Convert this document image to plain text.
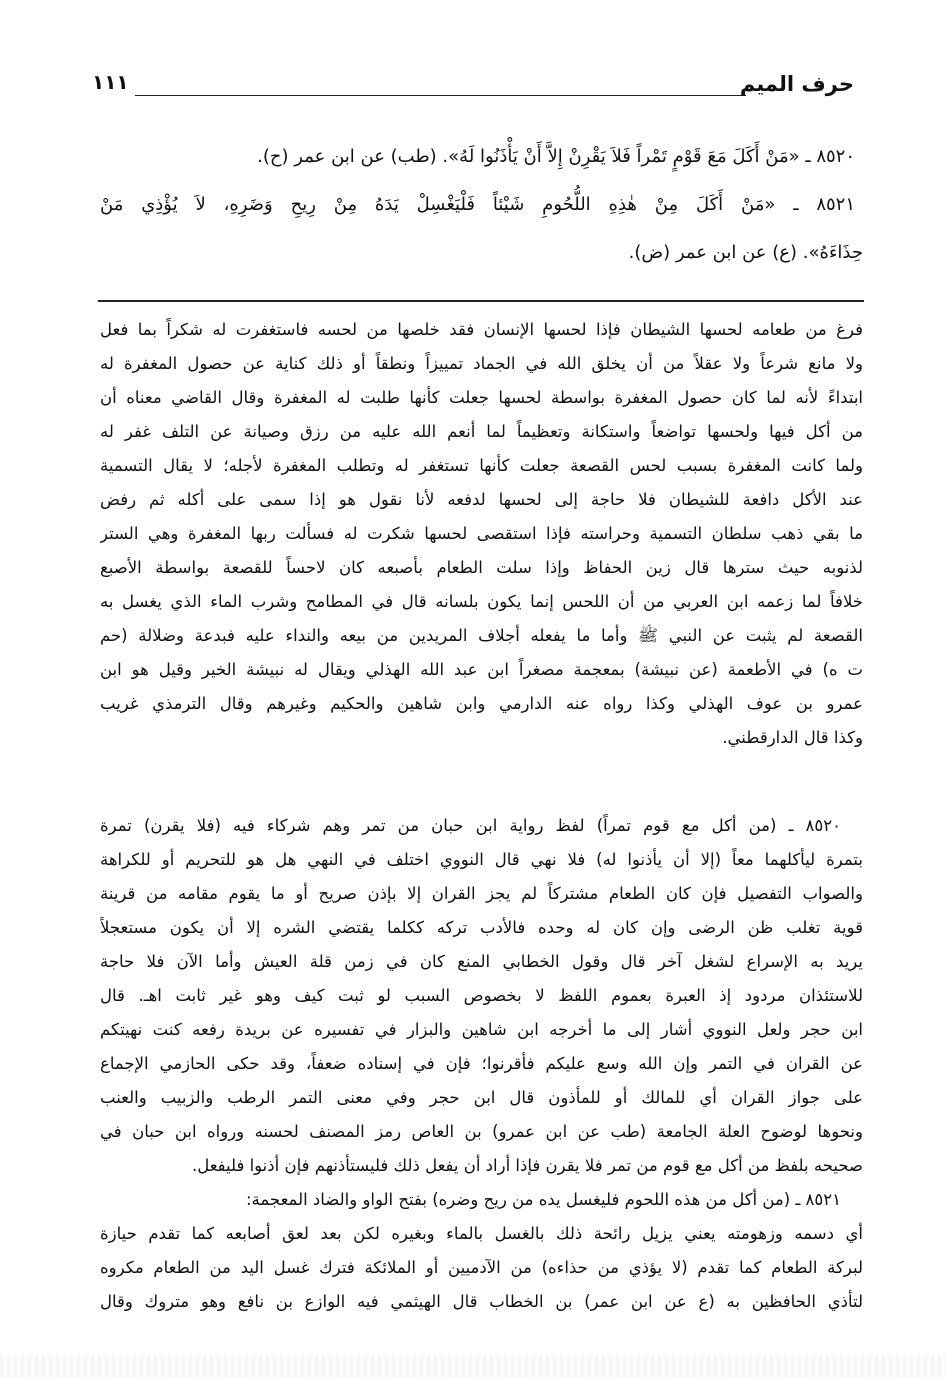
حرف الميم
١١١
٨٥٢٠ ـ «مَنْ أَكَلَ مَعَ قَوْمٍ تَمْراً فَلاَ يَقْرِنْ إِلاَّ أَنْ يَأْذَنُوا لَهُ». (طب) عن ابن عمر (ح).
٨٥٢١ ـ «مَنْ أَكَلَ مِنْ هٰذِهِ اللُّحُومِ شَيْئاً فَلْيَغْسِلْ يَدَهُ مِنْ رِيحِ وَضَرِهِ، لاَ يُؤْذِي مَنْ
حِذَاءَهُ». (ع) عن ابن عمر (ض).
فرغ من طعامه لحسها الشيطان فإذا لحسها الإنسان فقد خلصها من لحسه فاستغفرت له شكراً بما فعل
ولا مانع شرعاً ولا عقلاً من أن يخلق الله في الجماد تمييزاً ونطقاً أو ذلك كناية عن حصول المغفرة له
ابتداءً لأنه لما كان حصول المغفرة بواسطة لحسها جعلت كأنها طلبت له المغفرة وقال القاضي معناه أن
من أكل فيها ولحسها تواضعاً واستكانة وتعظيماً لما أنعم الله عليه من رزق وصيانة عن التلف غفر له
ولما كانت المغفرة بسبب لحس القصعة جعلت كأنها تستغفر له وتطلب المغفرة لأجله؛ لا يقال التسمية
عند الأكل دافعة للشيطان فلا حاجة إلى لحسها لدفعه لأنا نقول هو إذا سمى على أكله ثم رفض
ما بقي ذهب سلطان التسمية وحراسته فإذا استقصى لحسها شكرت له فسألت ربها المغفرة وهي الستر
لذنوبه حيث سترها قال زين الحفاظ وإذا سلت الطعام بأصبعه كان لاحساً للقصعة بواسطة الأصبع
خلافاً لما زعمه ابن العربي من أن اللحس إنما يكون بلسانه قال في المطامح وشرب الماء الذي يغسل به
القصعة لم يثبت عن النبي ﷺ وأما ما يفعله أجلاف المريدين من بيعه والنداء عليه فبدعة وضلالة (حم
ت ه) في الأطعمة (عن نبيشة) بمعجمة مصغراً ابن عبد الله الهذلي ويقال له نبيشة الخير وقيل هو ابن
عمرو بن عوف الهذلي وكذا رواه عنه الدارمي وابن شاهين والحكيم وغيرهم وقال الترمذي غريب
وكذا قال الدارقطني.
٨٥٢٠ ـ (من أكل مع قوم تمراً) لفظ رواية ابن حبان من تمر وهم شركاء فيه (فلا يقرن) تمرة
بتمرة ليأكلهما معاً (إلا أن يأذنوا له) فلا نهي قال النووي اختلف في النهي هل هو للتحريم أو للكراهة
والصواب التفصيل فإن كان الطعام مشتركاً لم يجز القران إلا بإذن صريح أو ما يقوم مقامه من قرينة
قوية تغلب ظن الرضى وإن كان له وحده فالأدب تركه ككلما يقتضي الشره إلا أن يكون مستعجلاً
يريد به الإسراع لشغل آخر قال وقول الخطابي المنع كان في زمن قلة العيش وأما الآن فلا حاجة
للاستئذان مردود إذ العبرة بعموم اللفظ لا بخصوص السبب لو ثبت كيف وهو غير ثابت اهـ. قال
ابن حجر ولعل النووي أشار إلى ما أخرجه ابن شاهين والبزار في تفسيره عن بريدة رفعه كنت نهيتكم
عن القران في التمر وإن الله وسع عليكم فأقرنوا؛ فإن في إسناده ضعفاً، وقد حكى الحازمي الإجماع
على جواز القران أي للمالك أو للمأذون قال ابن حجر وفي معنى التمر الرطب والزبيب والعنب
ونحوها لوضوح العلة الجامعة (طب عن ابن عمرو) بن العاص رمز المصنف لحسنه ورواه ابن حبان في
صحيحه بلفظ من أكل مع قوم من تمر فلا يقرن فإذا أراد أن يفعل ذلك فليستأذنهم فإن أذنوا فليفعل.
٨٥٢١ ـ (من أكل من هذه اللحوم فليغسل يده من ريح وضره) بفتح الواو والضاد المعجمة:
أي دسمه وزهومته يعني يزيل رائحة ذلك بالغسل بالماء وبغيره لكن بعد لعق أصابعه كما تقدم حيازة
لبركة الطعام كما تقدم (لا يؤذي من حذاءه) من الآدميين أو الملائكة فترك غسل اليد من الطعام مكروه
لتأذي الحافظين به (ع عن ابن عمر) بن الخطاب قال الهيثمي فيه الوازع بن نافع وهو متروك وقال
